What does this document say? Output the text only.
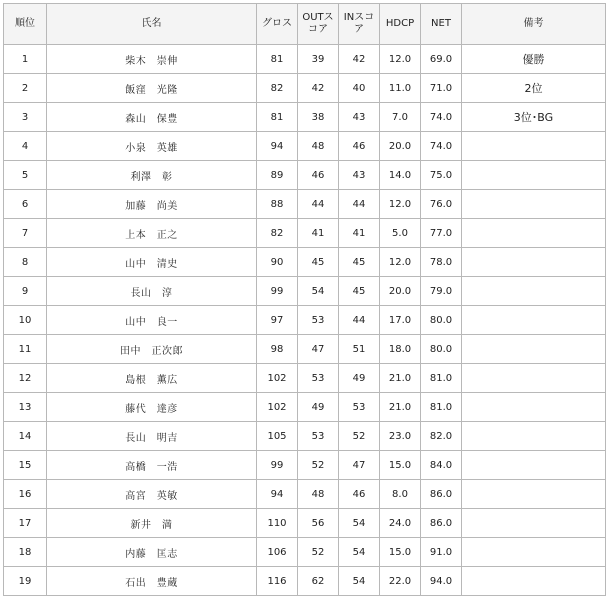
順位	氏名	グロス	OUTスコア	INスコア	HDCP	NET	備考
1	柴木　崇伸	81	39	42	12.0	69.0	優勝
2	飯窪　光隆	82	42	40	11.0	71.0	2位
3	森山　保豊	81	38	43	7.0	74.0	3位･BG
4	小泉　英雄	94	48	46	20.0	74.0	
5	利澤　彰	89	46	43	14.0	75.0	
6	加藤　尚美	88	44	44	12.0	76.0	
7	上本　正之	82	41	41	5.0	77.0	
8	山中　清史	90	45	45	12.0	78.0	
9	長山　淳	99	54	45	20.0	79.0	
10	山中　良一	97	53	44	17.0	80.0	
11	田中　正次郎	98	47	51	18.0	80.0	
12	島根　薫広	102	53	49	21.0	81.0	
13	藤代　達彦	102	49	53	21.0	81.0	
14	長山　明吉	105	53	52	23.0	82.0	
15	高橋　一浩	99	52	47	15.0	84.0	
16	高宮　英敏	94	48	46	8.0	86.0	
17	新井　満	110	56	54	24.0	86.0	
18	内藤　匡志	106	52	54	15.0	91.0	
19	石出　豊蔵	116	62	54	22.0	94.0	
